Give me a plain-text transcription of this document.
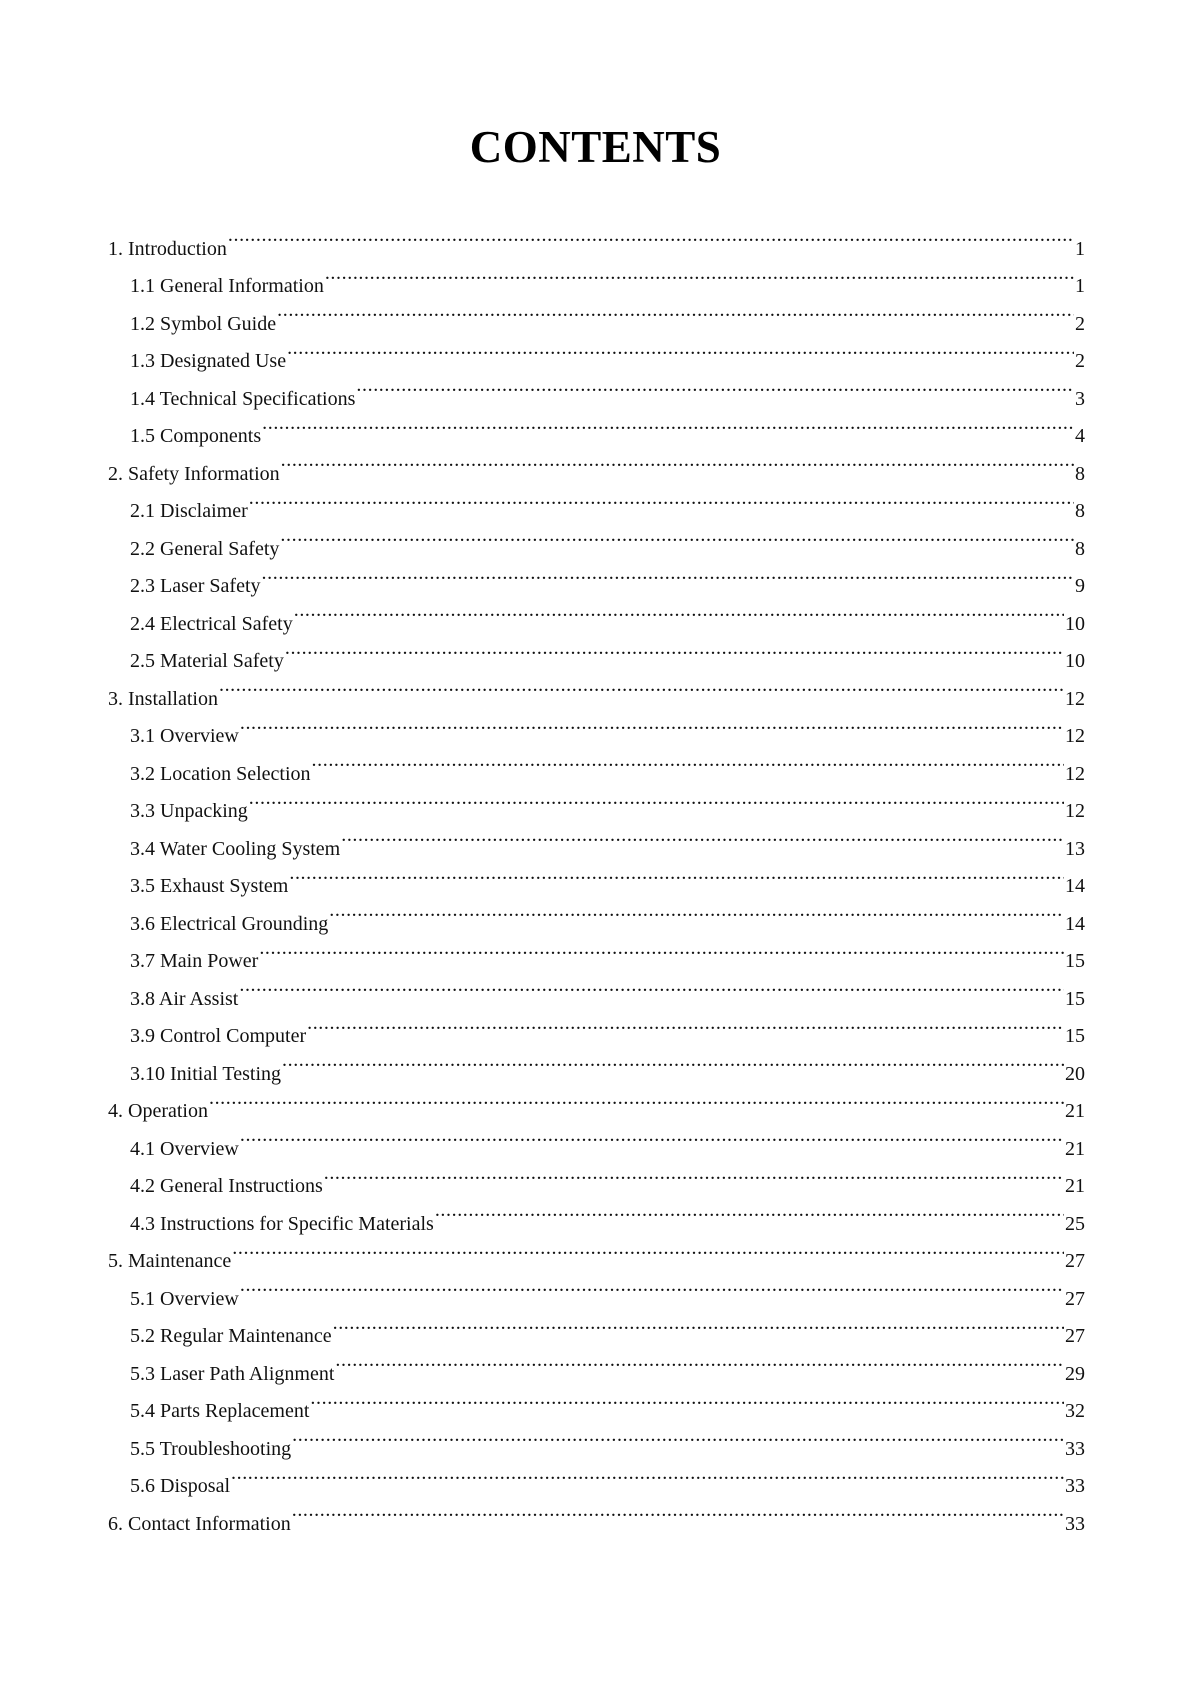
CONTENTS
1. Introduction .....	1
1.1 General Information .....	1
1.2 Symbol Guide .....	2
1.3 Designated Use .....	2
1.4 Technical Specifications .....	3
1.5 Components .....	4
2. Safety Information .....	8
2.1 Disclaimer .....	8
2.2 General Safety .....	8
2.3 Laser Safety .....	9
2.4 Electrical Safety .....	10
2.5 Material Safety .....	10
3. Installation .....	12
3.1 Overview .....	12
3.2 Location Selection .....	12
3.3 Unpacking .....	12
3.4 Water Cooling System .....	13
3.5 Exhaust System .....	14
3.6 Electrical Grounding .....	14
3.7 Main Power .....	15
3.8 Air Assist .....	15
3.9 Control Computer .....	15
3.10 Initial Testing .....	20
4. Operation .....	21
4.1 Overview .....	21
4.2 General Instructions .....	21
4.3 Instructions for Specific Materials .....	25
5. Maintenance .....	27
5.1 Overview .....	27
5.2 Regular Maintenance .....	27
5.3 Laser Path Alignment .....	29
5.4 Parts Replacement .....	32
5.5 Troubleshooting .....	33
5.6 Disposal .....	33
6. Contact Information .....	33
